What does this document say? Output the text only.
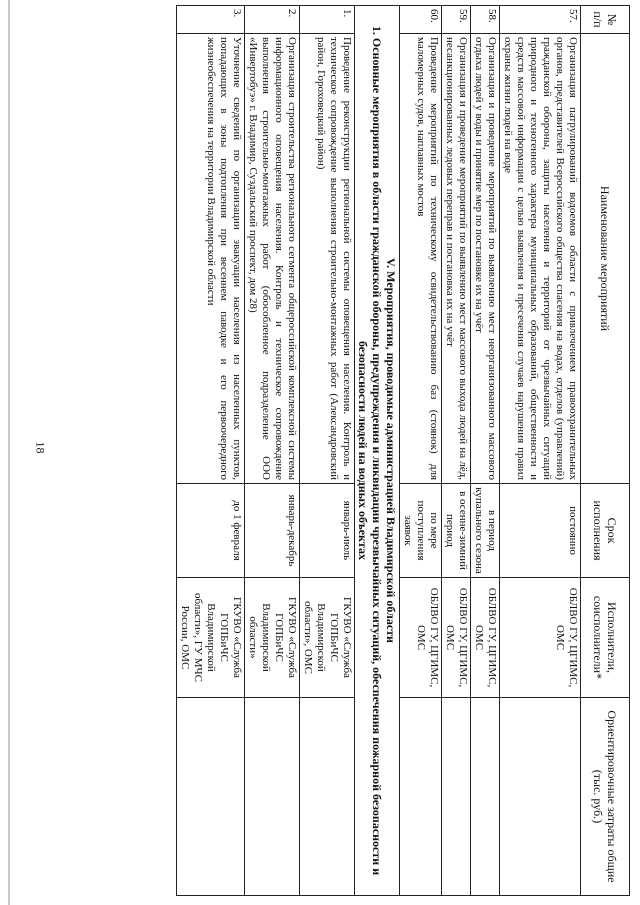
18
№ п/п	Наименование мероприятий	Срок исполнения	Исполнители, соисполнители*	Ориентировочные затраты общие (тыс. руб.)
57.	Организация патрулирований водоемов области с привлечением правоохранительных органов, представителей Всероссийского общества спасения на водах, отделов (управлений) гражданской обороны, защиты населения и территорий от чрезвычайных ситуаций природного и техногенного характера муниципальных образований, общественности и средств массовой информации с целью выявления и пресечения случаев нарушения правил охраны жизни людей на воде	постоянно	ОБЛВО ГУ, ЦГИМС, ОМС	
58.	Организация и проведение мероприятий по выявлению мест неорганизованного массового отдыха людей у воды и принятие мер по постановке их на учёт	в период купального сезона	ОБЛВО ГУ, ЦГИМС, ОМС	
59.	Организация и проведение мероприятий по выявлению мест массового выхода людей на лёд, несанкционированных ледовых переправ и постановка их на учёт	в осенне-зимний период	ОБЛВО ГУ, ЦГИМС, ОМС	
60.	Проведение мероприятий по техническому освидетельствованию баз (стоянок) для маломерных судов, наплавных мостов	по мере поступления заявок	ОБЛВО ГУ, ЦГИМС, ОМС	

V. Мероприятия, проводимые администрацией Владимирской области
1. Основные мероприятия в области гражданской обороны, предупреждения и ликвидации чрезвычайных ситуаций, обеспечения пожарной безопасности и безопасности людей на водных объектах				

1.	Проведение реконструкции региональной системы оповещения населения. Контроль и техническое сопровождение выполнения строительно-монтажных работ (Александровский район, Гороховецкий район)	январь-июль	ГКУВО «Служба ГОПБиЧС Владимирской области», ОМС	
2.	Организация строительства регионального сегмента общероссийской комплексной системы информационного оповещения населения. Контроль и техническое сопровождение выполнения строительно-монтажных работ (обособленное подразделение ООО «Инвертобуэ» г. Владимир, Суздальский проспект, дом 28)	январь-декабрь	ГКУВО «Служба ГОПБиЧС Владимирской области»	
3.	Уточнение сведений по организации эвакуации населения из населенных пунктов, попадающих в зоны подтопления при весеннем паводке и его первоочередного жизнеобеспечения на территории Владимирской области	до 1 февраля	ГКУВО «Служба ГОПБиЧС Владимирской области», ГУ МЧС России, ОМС	
